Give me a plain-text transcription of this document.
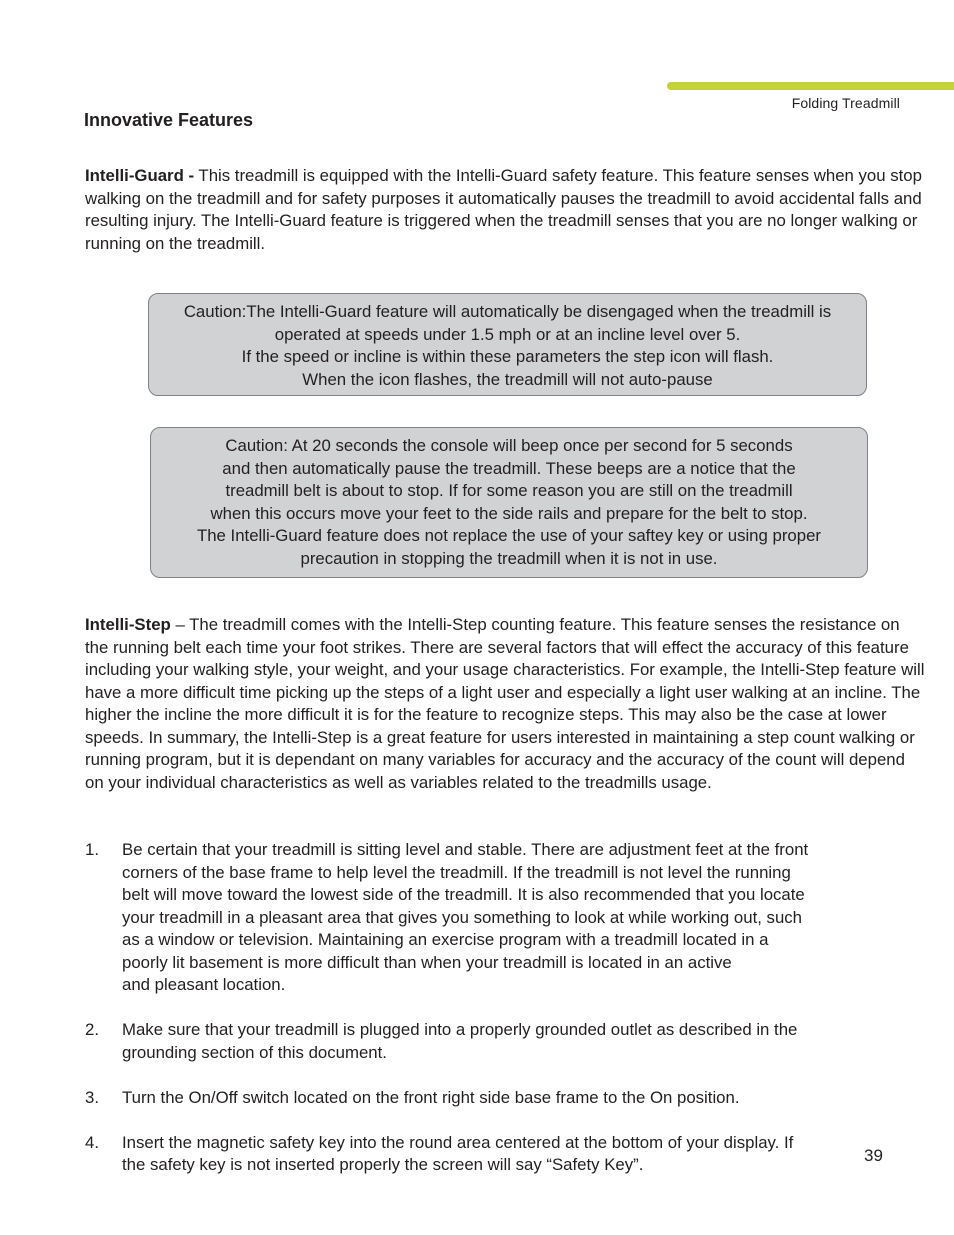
Folding Treadmill
Innovative Features

Intelli-Guard - This treadmill is equipped with the Intelli-Guard safety feature. This feature senses when you stop walking on the treadmill and for safety purposes it automatically pauses the treadmill to avoid accidental falls and resulting injury. The Intelli-Guard feature is triggered when the treadmill senses that you are no longer walking or running on the treadmill.

Caution:The Intelli-Guard feature will automatically be disengaged when the treadmill is
operated at speeds under 1.5 mph or at an incline level over 5.
If the speed or incline is within these parameters the step icon will flash.
When the icon flashes, the treadmill will not auto-pause
Caution: At 20 seconds the console will beep once per second for 5 seconds
and then automatically pause the treadmill. These beeps are a notice that the
treadmill belt is about to stop. If for some reason you are still on the treadmill
when this occurs move your feet to the side rails and prepare for the belt to stop.
The Intelli-Guard feature does not replace the use of your saftey key or using proper
precaution in stopping the treadmill when it is not in use.

Intelli-Step – The treadmill comes with the Intelli-Step counting feature. This feature senses the resistance on the running belt each time your foot strikes. There are several factors that will effect the accuracy of this feature including your walking style, your weight, and your usage characteristics. For example, the Intelli-Step feature will have a more difficult time picking up the steps of a light user and especially a light user walking at an incline. The higher the incline the more difficult it is for the feature to recognize steps. This may also be the case at lower speeds. In summary, the Intelli-Step is a great feature for users interested in maintaining a step count walking or running program, but it is dependant on many variables for accuracy and the accuracy of the count will depend on your individual characteristics as well as variables related to the treadmills usage.

1. Be certain that your treadmill is sitting level and stable. There are adjustment feet at the front
corners of the base frame to help level the treadmill. If the treadmill is not level the running
belt will move toward the lowest side of the treadmill. It is also recommended that you locate
your treadmill in a pleasant area that gives you something to look at while working out, such
as a window or television. Maintaining an exercise program with a treadmill located in a
poorly lit basement is more difficult than when your treadmill is located in an active
and pleasant location.
2. Make sure that your treadmill is plugged into a properly grounded outlet as described in the
grounding section of this document.
3. Turn the On/Off switch located on the front right side base frame to the On position.
4. Insert the magnetic safety key into the round area centered at the bottom of your display. If
the safety key is not inserted properly the screen will say “Safety Key”.	39
